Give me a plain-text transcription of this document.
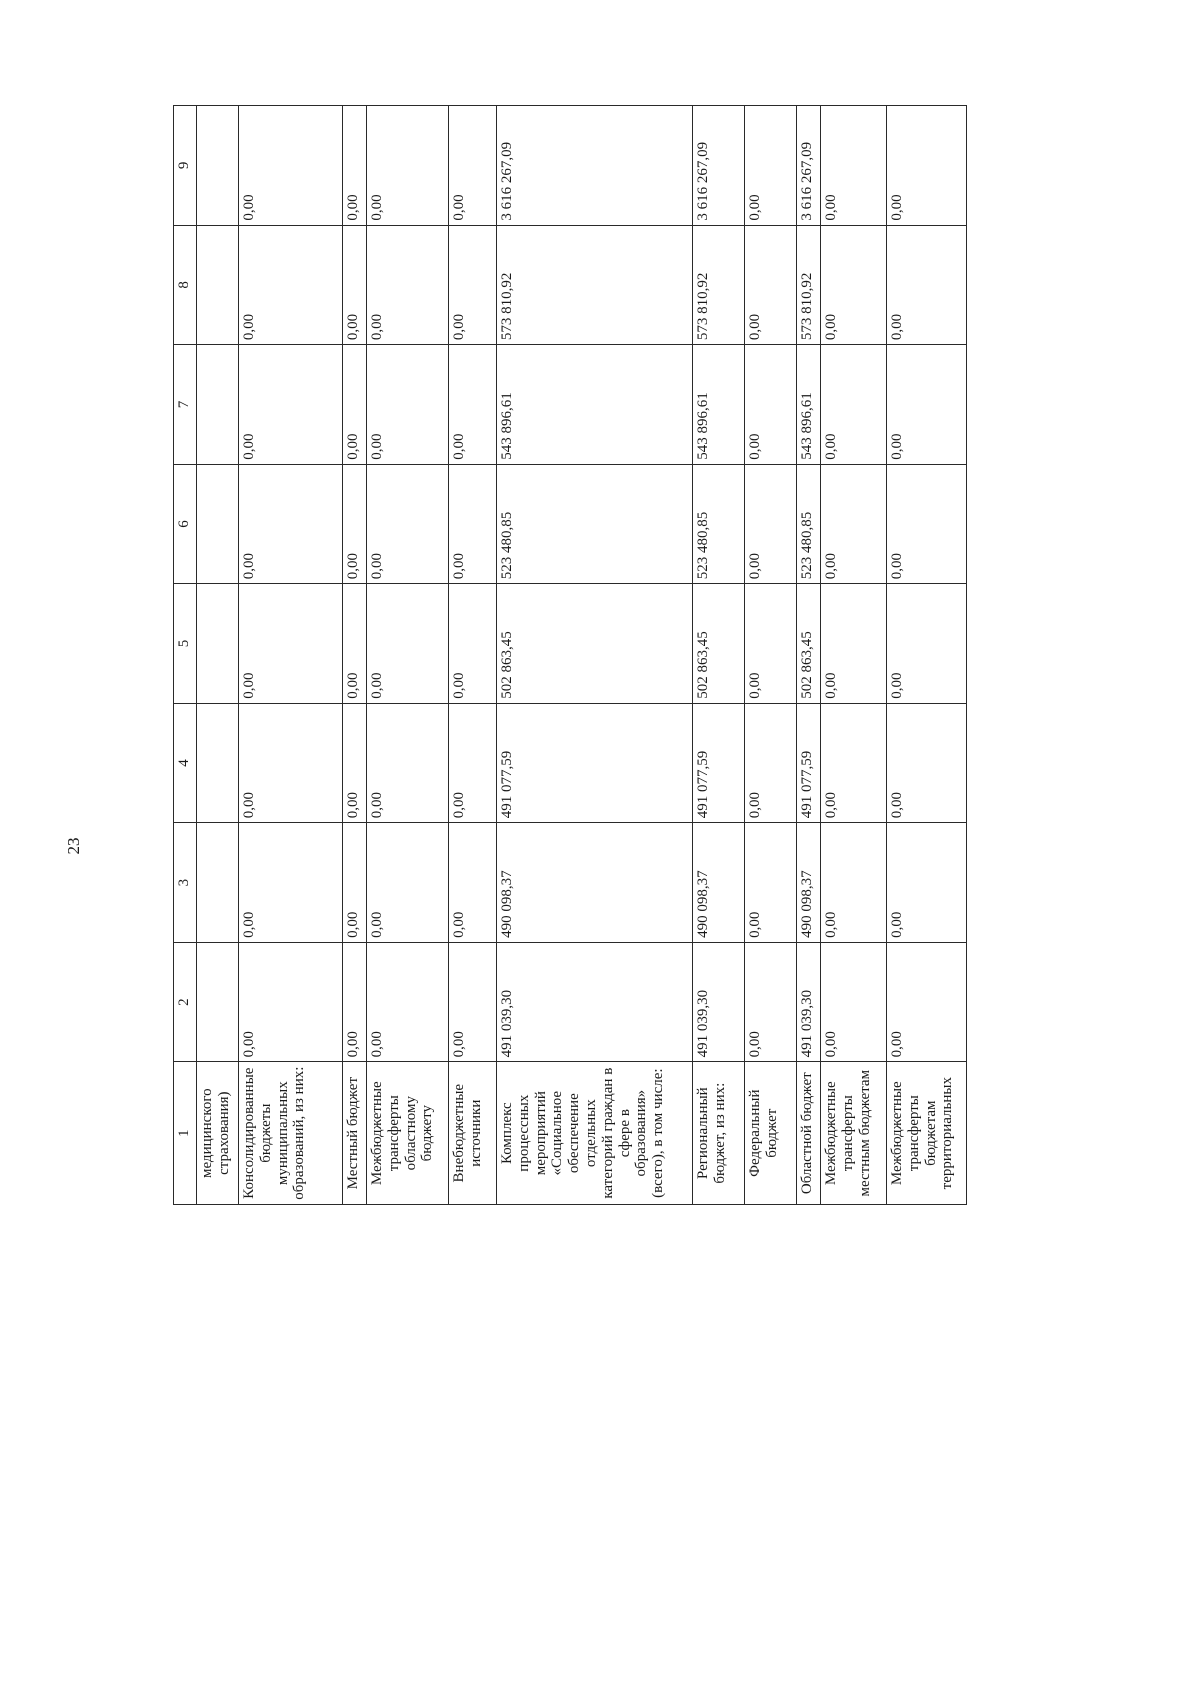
23
1	2	3	4	5	6	7	8	9
медицинского страхования)								
Консолидированные бюджеты муниципальных образований, из них:	0,00	0,00	0,00	0,00	0,00	0,00	0,00	0,00
Местный бюджет	0,00	0,00	0,00	0,00	0,00	0,00	0,00	0,00
Межбюджетные трансферты областному бюджету	0,00	0,00	0,00	0,00	0,00	0,00	0,00	0,00
Внебюджетные источники	0,00	0,00	0,00	0,00	0,00	0,00	0,00	0,00
Комплекс процессных мероприятий «Социальное обеспечение отдельных категорий граждан в сфере в образования» (всего), в том числе:	491 039,30	490 098,37	491 077,59	502 863,45	523 480,85	543 896,61	573 810,92	3 616 267,09
Региональный бюджет, из них:	491 039,30	490 098,37	491 077,59	502 863,45	523 480,85	543 896,61	573 810,92	3 616 267,09
Федеральный бюджет	0,00	0,00	0,00	0,00	0,00	0,00	0,00	0,00
Областной бюджет	491 039,30	490 098,37	491 077,59	502 863,45	523 480,85	543 896,61	573 810,92	3 616 267,09
Межбюджетные трансферты местным бюджетам	0,00	0,00	0,00	0,00	0,00	0,00	0,00	0,00
Межбюджетные трансферты бюджетам территориальных	0,00	0,00	0,00	0,00	0,00	0,00	0,00	0,00
